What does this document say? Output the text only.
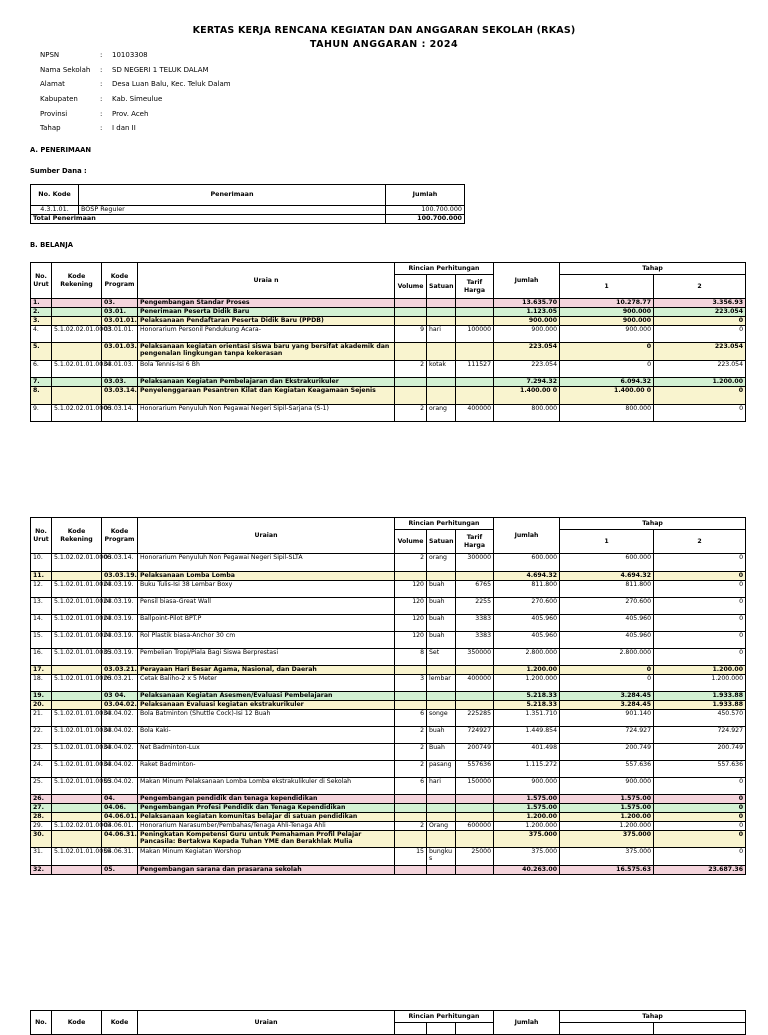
KERTAS KERJA RENCANA KEGIATAN DAN ANGGARAN SEKOLAH (RKAS)
TAHUN ANGGARAN : 2024
NPSN	:	10103308
Nama Sekolah	:	SD NEGERI 1 TELUK DALAM
Alamat	:	Desa Luan Balu, Kec. Teluk Dalam
Kabupaten	:	Kab. Simeulue
Provinsi	:	Prov. Aceh
Tahap	:	I dan II
A. PENERIMAAN
Sumber Dana :
No. Kode	Penerimaan	Jumlah
4.3.1.01.	BOSP Reguler	100.700.000
Total Penerimaan		100.700.000
B. BELANJA
No. Urut	Kode Rekening	Kode Program	Uraia n	Rincian Perhitungan			Jumlah	Tahap	
				Volume	Satuan	Tarif Harga		1	2
1.		03.	Pengembangan Standar Proses				13.635.70	10.278.77	3.356.93
2.		03.01.	Penerimaan Peserta Didik Baru				1.123.05	900.000	223.054
3.		03.01.01.	Pelaksanaan Pendaftaran Peserta Didik Baru (PPDB)				900.000	900.000	0
4.	5.1.02.02.01.0003	03.01.01.	Honorarium Personil Pendukung Acara-	9	hari	100000	900.000	900.000	0
5.		03.01.03.	Pelaksanaan kegiatan orientasi siswa baru yang bersifat akademik dan pengenalan lingkungan tanpa kekerasan				223.054	0	223.054
6.	5.1.02.01.01.0034	03.01.03.	Bola Tennis-Isi 6 Bh	2	kotak	111527	223.054	0	223.054
7.		03.03.	Pelaksanaan Kegiatan Pembelajaran dan Ekstrakurikuler				7.294.32	6.094.32	1.200.00
8.		03.03.14.	Penyelenggaraan Pesantren Kilat dan Kegiatan Keagamaan Sejenis				1.400.00 0	1.400.00 0	0
9.	5.1.02.02.01.0006	03.03.14.	Honorarium Penyuluh Non Pegawai Negeri Sipil-Sarjana (S-1)	2	orang	400000	800.000	800.000	0
No. Urut	Kode Rekening	Kode Program	Uraian	Rincian Perhitungan			Jumlah	Tahap	
				Volume	Satuan	Tarif Harga		1	2
10.	5.1.02.02.01.0006	03.03.14.	Honorarium Penyuluh Non Pegawai Negeri Sipil-SLTA	2	orang	300000	600.000	600.000	0
11.		03.03.19.	Pelaksanaan Lomba Lomba				4.694.32	4.694.32	0
12.	5.1.02.01.01.0024	03.03.19.	Buku Tulis-Isi 38 Lembar Boxy	120	buah	6765	811.800	811.800	0
13.	5.1.02.01.01.0024	03.03.19.	Pensil biasa-Great Wall	120	buah	2255	270.600	270.600	0
14.	5.1.02.01.01.0024	03.03.19.	Ballpoint-Pilot BPT.P	120	buah	3383	405.960	405.960	0
15.	5.1.02.01.01.0024	03.03.19.	Rol Plastik biasa-Anchor 30 cm	120	buah	3383	405.960	405.960	0
16.	5.1.02.01.01.0035	03.03.19.	Pembelian Tropi/Piala Bagi Siswa Berprestasi	8	Set	350000	2.800.000	2.800.000	0
17.		03.03.21.	Perayaan Hari Besar Agama, Nasional, dan Daerah				1.200.00	0	1.200.00
18.	5.1.02.01.01.0026	03.03.21.	Cetak Baliho-2 x 5 Meter	3	lembar	400000	1.200.000	0	1.200.000
19.		03 04.	Pelaksanaan Kegiatan Asesmen/Evaluasi Pembelajaran				5.218.33	3.284.45	1.933.88
20.		03.04.02.	Pelaksanaan Evaluasi kegiatan ekstrakurikuler				5.218.33	3.284.45	1.933.88
21.	5.1.02.01.01.0034	03.04.02.	Bola Batminton (Shuttle Cock)-Isi 12 Buah	6	songe	225285	1.351.710	901.140	450.570
22.	5.1.02.01.01.0034	03.04.02.	Bola Kaki-	2	buah	724927	1.449.854	724.927	724.927
23.	5.1.02.01.01.0034	03.04.02.	Net Badminton-Lux	2	Buah	200749	401.498	200.749	200.749
24.	5.1.02.01.01.0034	03.04.02.	Raket Badminton-	2	pasang	557636	1.115.272	557.636	557.636
25.	5.1.02.01.01.0055	03.04.02.	Makan Minum Pelaksanaan Lomba Lomba ekstrakulikuler di Sekolah	6	hari	150000	900.000	900.000	0
26.		04.	Pengembangan pendidik dan tenaga kependidikan				1.575.00	1.575.00	0
27.		04.06.	Pengembangan Profesi Pendidik dan Tenaga Kependidikan				1.575.00	1.575.00	0
28.		04.06.01.	Pelaksanaan kegiatan komunitas belajar di satuan pendidikan				1.200.00	1.200.00	0
29.	5.1.02.02.01.0003	04.06.01.	Honorarium Narasumber/Pembahas/Tenaga Ahli-Tenaga Ahli	2	Orang	600000	1.200.000	1.200.000	0
30.		04.06.31.	Peningkatan Kompetensi Guru untuk Pemahaman Profil Pelajar Pancasila: Bertakwa Kepada Tuhan YME dan Berakhlak Mulia				375.000	375.000	0
31.	5.1.02.01.01.0055	04.06.31.	Makan Minum Kegiatan Worshop	15	bungku s	25000	375.000	375.000	0
32.		05.	Pengembangan sarana dan prasarana sekolah				40.263.00	16.575.63	23.687.36
No.	Kode	Kode	Uraian	Rincian Perhitungan			Jumlah	Tahap	
